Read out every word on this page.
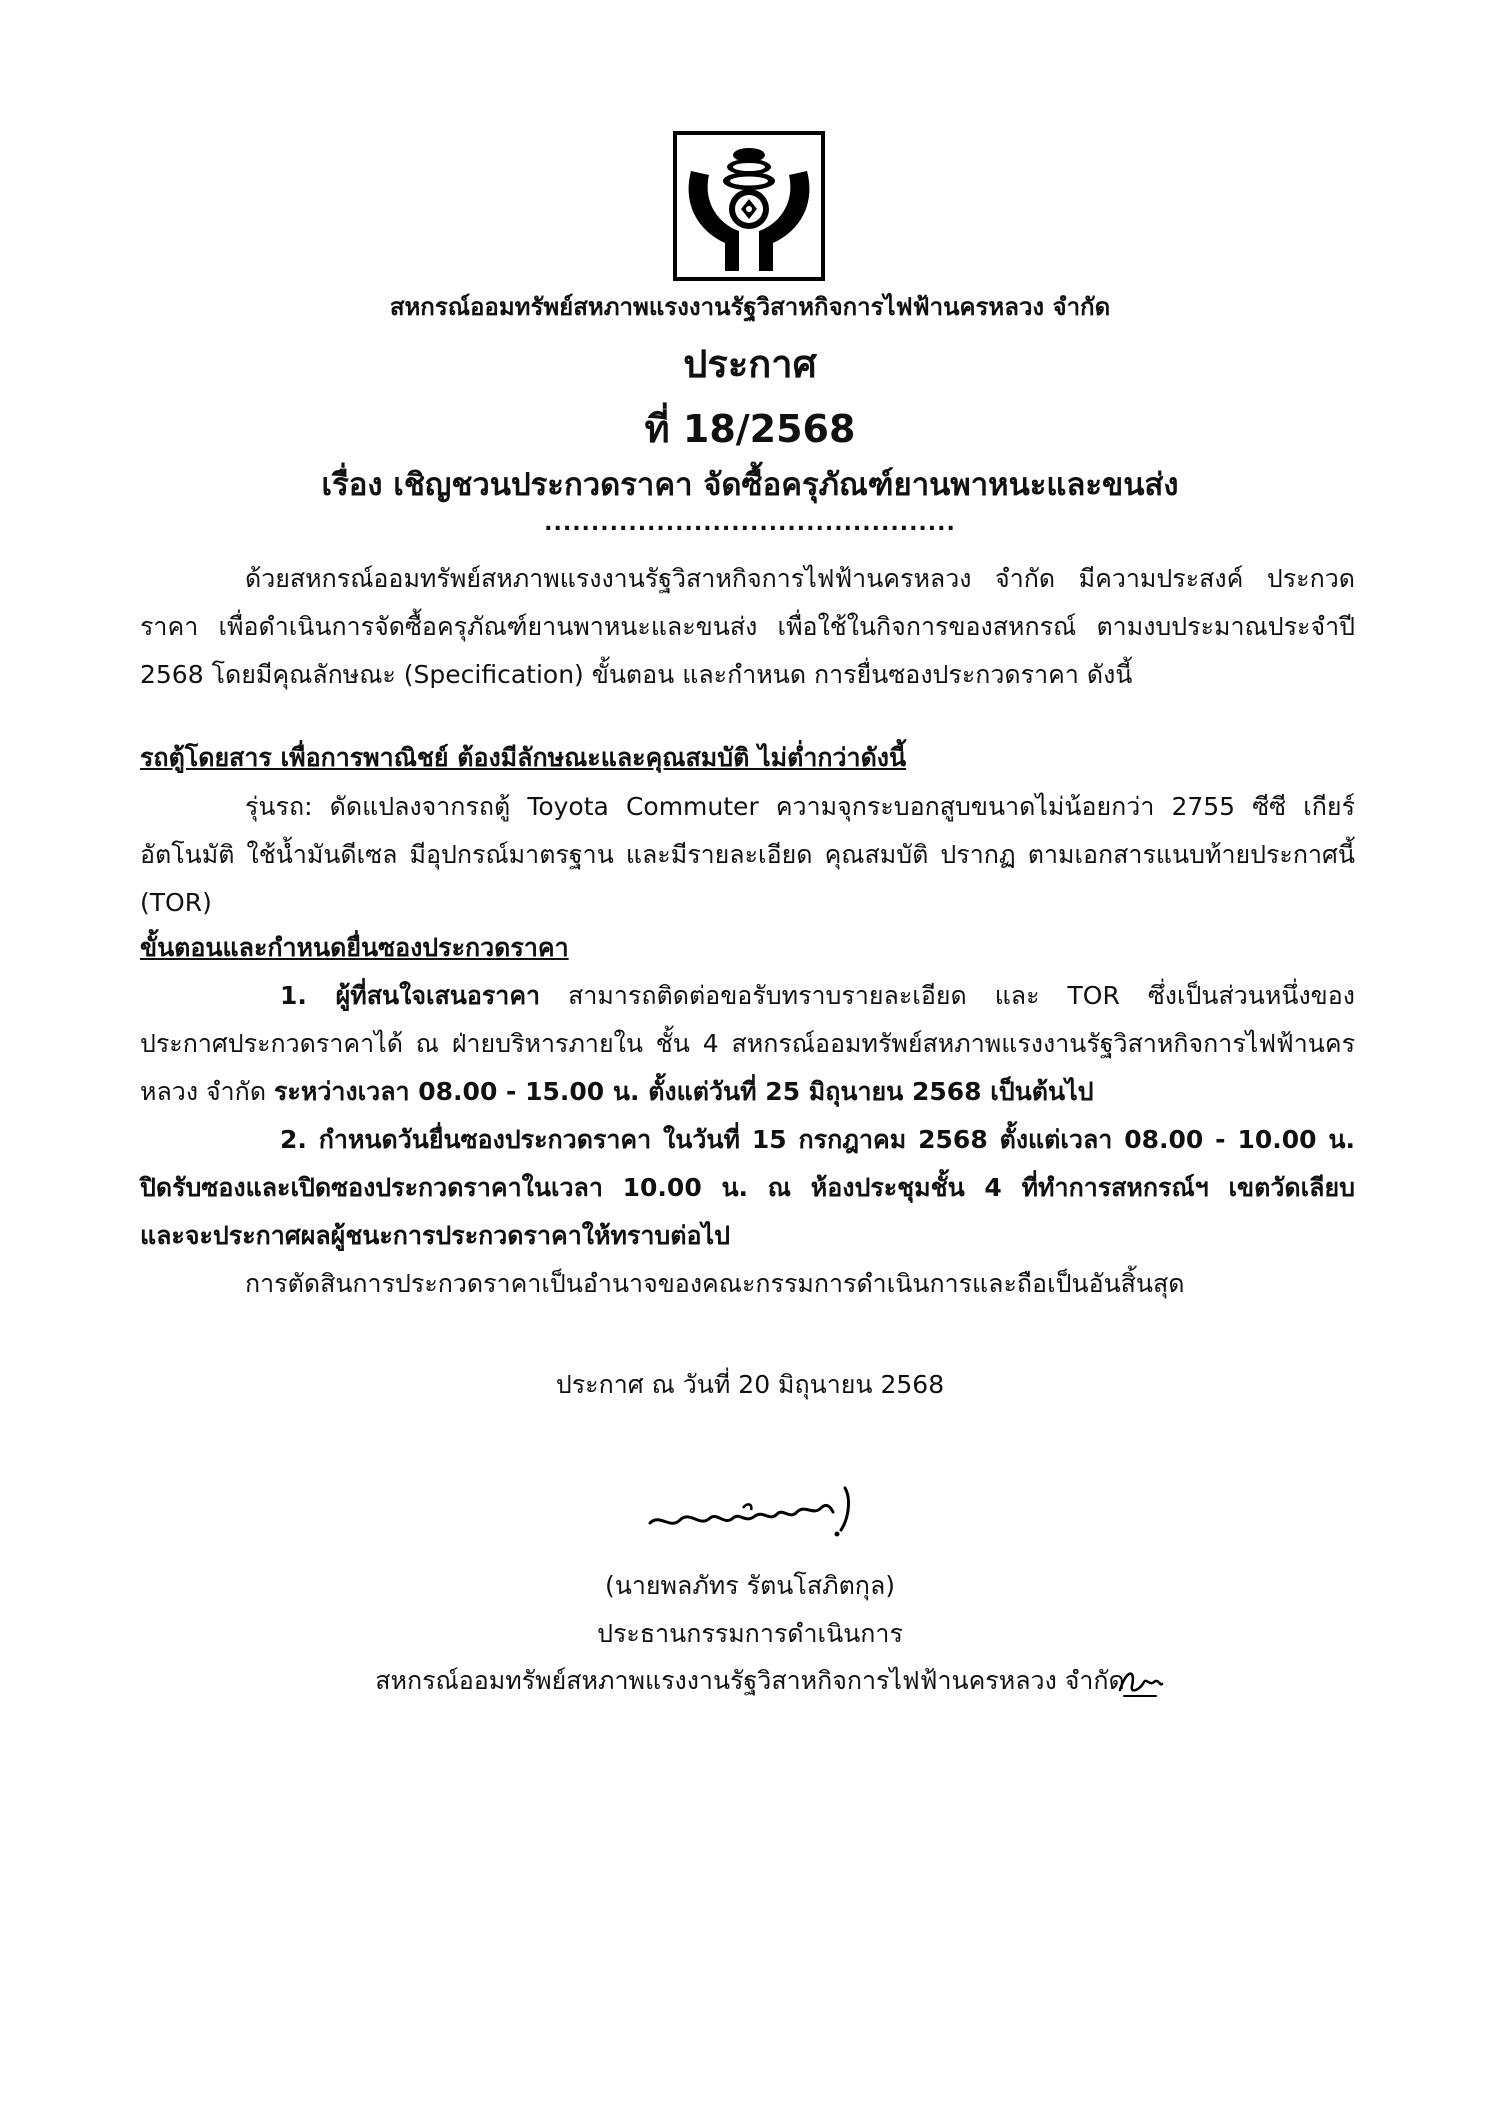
สหกรณ์ออมทรัพย์สหภาพแรงงานรัฐวิสาหกิจการไฟฟ้านครหลวง จำกัด
ประกาศ
ที่ 18/2568
เรื่อง เชิญชวนประกวดราคา จัดซื้อครุภัณฑ์ยานพาหนะและขนส่ง
............................................
ด้วยสหกรณ์ออมทรัพย์สหภาพแรงงานรัฐวิสาหกิจการไฟฟ้านครหลวง จำกัด มีความประสงค์ ประกวด
ราคา เพื่อดำเนินการจัดซื้อครุภัณฑ์ยานพาหนะและขนส่ง เพื่อใช้ในกิจการของสหกรณ์ ตามงบประมาณประจำปี
2568 โดยมีคุณลักษณะ (Specification) ขั้นตอน และกำหนด การยื่นซองประกวดราคา ดังนี้
รถตู้โดยสาร เพื่อการพาณิชย์ ต้องมีลักษณะและคุณสมบัติ ไม่ต่ำกว่าดังนี้
รุ่นรถ: ดัดแปลงจากรถตู้ Toyota Commuter ความจุกระบอกสูบขนาดไม่น้อยกว่า 2755 ซีซี เกียร์
อัตโนมัติ ใช้น้ำมันดีเซล มีอุปกรณ์มาตรฐาน และมีรายละเอียด คุณสมบัติ ปรากฏ ตามเอกสารแนบท้ายประกาศนี้
(TOR)
ขั้นตอนและกำหนดยื่นซองประกวดราคา
1. ผู้ที่สนใจเสนอราคา สามารถติดต่อขอรับทราบรายละเอียด และ TOR ซึ่งเป็นส่วนหนึ่งของ
ประกาศประกวดราคาได้ ณ ฝ่ายบริหารภายใน ชั้น 4 สหกรณ์ออมทรัพย์สหภาพแรงงานรัฐวิสาหกิจการไฟฟ้านคร
หลวง จำกัด ระหว่างเวลา 08.00 - 15.00 น. ตั้งแต่วันที่ 25 มิถุนายน 2568 เป็นต้นไป
2. กำหนดวันยื่นซองประกวดราคา ในวันที่ 15 กรกฎาคม 2568 ตั้งแต่เวลา 08.00 - 10.00 น.
ปิดรับซองและเปิดซองประกวดราคาในเวลา 10.00 น. ณ ห้องประชุมชั้น 4 ที่ทำการสหกรณ์ฯ เขตวัดเลียบ
และจะประกาศผลผู้ชนะการประกวดราคาให้ทราบต่อไป
การตัดสินการประกวดราคาเป็นอำนาจของคณะกรรมการดำเนินการและถือเป็นอันสิ้นสุด
ประกาศ ณ วันที่ 20 มิถุนายน 2568
(นายพลภัทร รัตนโสภิตกุล)
ประธานกรรมการดำเนินการ
สหกรณ์ออมทรัพย์สหภาพแรงงานรัฐวิสาหกิจการไฟฟ้านครหลวง จำกัด
